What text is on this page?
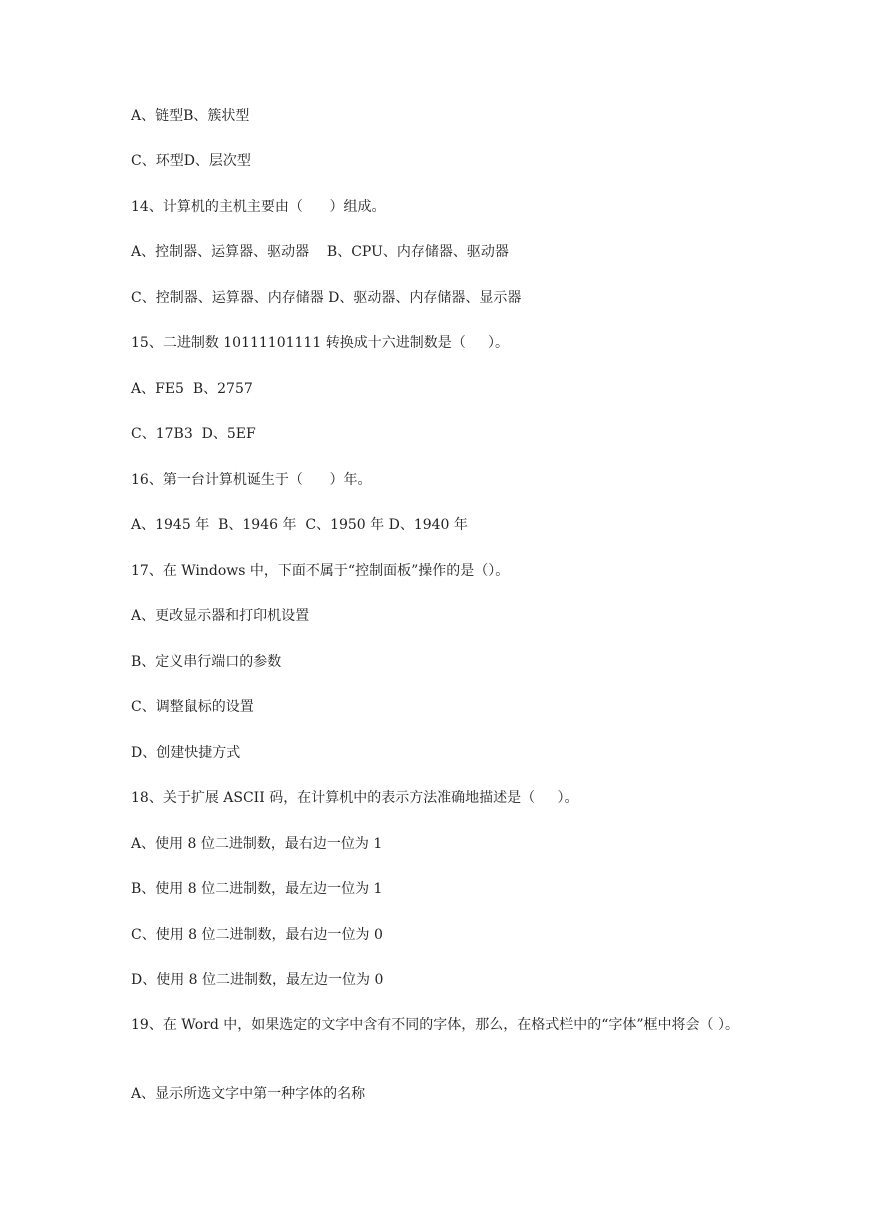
A、链型B、簇状型

C、环型D、层次型

14、计算机的主机主要由（      ）组成。

A、控制器、运算器、驱动器    B、CPU、内存储器、驱动器

C、控制器、运算器、内存储器 D、驱动器、内存储器、显示器

15、二进制数 10111101111 转换成十六进制数是（     ）。

A、FE5  B、2757

C、17B3  D、5EF

16、第一台计算机诞生于（      ）年。

A、1945 年  B、1946 年  C、1950 年 D、1940 年

17、在 Windows 中，下面不属于“控制面板”操作的是（）。

A、更改显示器和打印机设置

B、定义串行端口的参数

C、调整鼠标的设置

D、创建快捷方式

18、关于扩展 ASCII 码，在计算机中的表示方法准确地描述是（     ）。

A、使用 8 位二进制数，最右边一位为 1

B、使用 8 位二进制数，最左边一位为 1

C、使用 8 位二进制数，最右边一位为 0

D、使用 8 位二进制数，最左边一位为 0

19、在 Word 中，如果选定的文字中含有不同的字体，那么，在格式栏中的“字体”框中将会（ ）。

A、显示所选文字中第一种字体的名称
